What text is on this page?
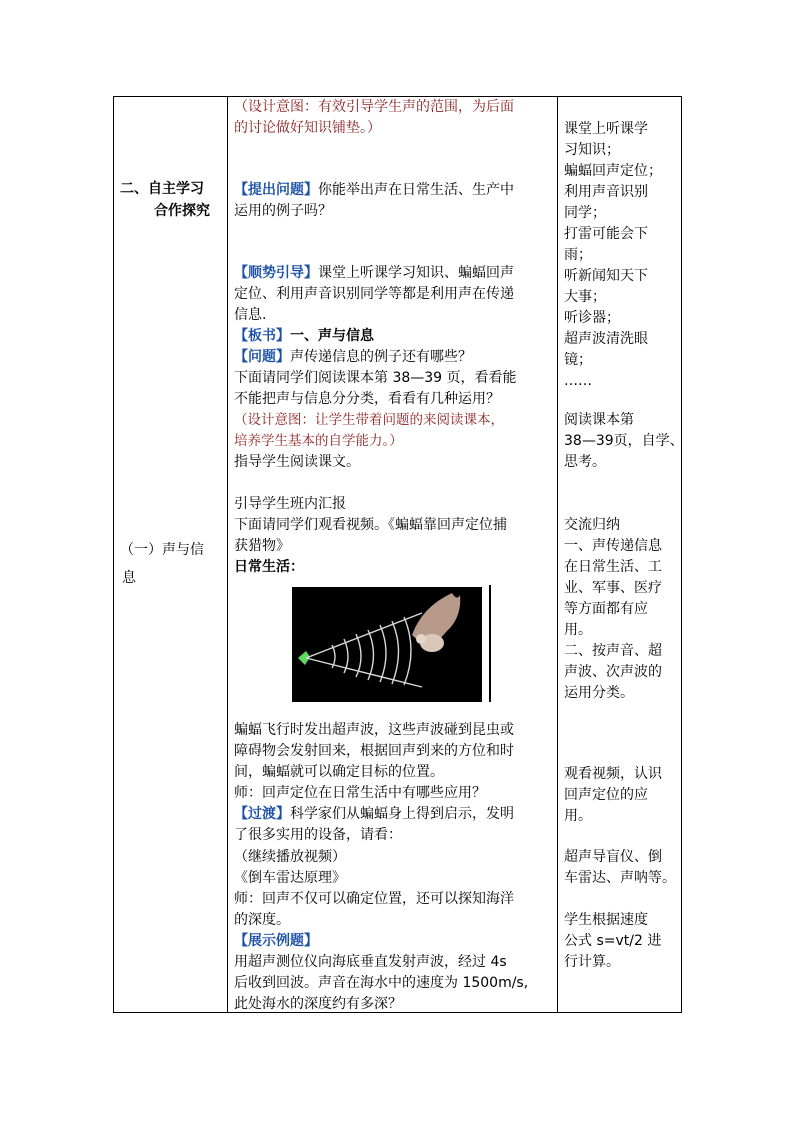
二、自主学习
合作探究
（一）声与信
息

（设计意图：有效引导学生声的范围，为后面
的讨论做好知识铺垫。）
【提出问题】你能举出声在日常生活、生产中
运用的例子吗？
【顺势引导】课堂上听课学习知识、蝙蝠回声
定位、利用声音识别同学等都是利用声在传递
信息.
【板书】一、声与信息
【问题】声传递信息的例子还有哪些？
下面请同学们阅读课本第 38—39 页，看看能
不能把声与信息分分类，看看有几种运用？
（设计意图：让学生带着问题的来阅读课本，
培养学生基本的自学能力。）
指导学生阅读课文。
引导学生班内汇报
下面请同学们观看视频。《蝙蝠靠回声定位捕
获猎物》
日常生活：
蝙蝠飞行时发出超声波，这些声波碰到昆虫或
障碍物会发射回来，根据回声到来的方位和时
间，蝙蝠就可以确定目标的位置。
师：回声定位在日常生活中有哪些应用？
【过渡】科学家们从蝙蝠身上得到启示，发明
了很多实用的设备，请看：
（继续播放视频）
《倒车雷达原理》
师：回声不仅可以确定位置，还可以探知海洋
的深度。
【展示例题】
用超声测位仪向海底垂直发射声波，经过 4s
后收到回波。声音在海水中的速度为 1500m/s,
此处海水的深度约有多深？

课堂上听课学
习知识；
蝙蝠回声定位；
利用声音识别
同学；
打雷可能会下
雨；
听新闻知天下
大事；
听诊器；
超声波清洗眼
镜；
……
阅读课本第
38—39页，自学、
思考。
交流归纳
一、声传递信息
在日常生活、工
业、军事、医疗
等方面都有应
用。
二、按声音、超
声波、次声波的
运用分类。
观看视频，认识
回声定位的应
用。
超声导盲仪、倒
车雷达、声呐等。
学生根据速度
公式 s=vt/2 进
行计算。
